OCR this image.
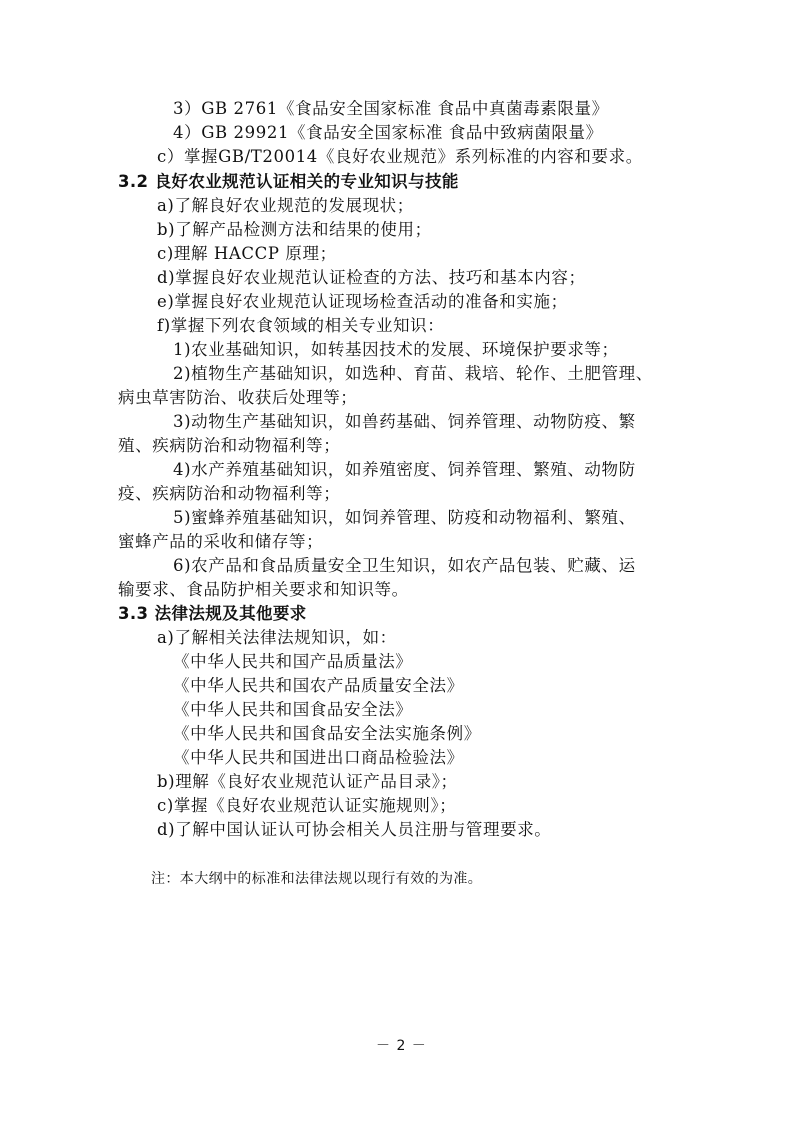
3）GB 2761《食品安全国家标准 食品中真菌毒素限量》
4）GB 29921《食品安全国家标准 食品中致病菌限量》
c）掌握GB/T20014《良好农业规范》系列标准的内容和要求。
3.2 良好农业规范认证相关的专业知识与技能
a)了解良好农业规范的发展现状；
b)了解产品检测方法和结果的使用；
c)理解 HACCP 原理；
d)掌握良好农业规范认证检查的方法、技巧和基本内容；
e)掌握良好农业规范认证现场检查活动的准备和实施；
f)掌握下列农食领域的相关专业知识：
1)农业基础知识，如转基因技术的发展、环境保护要求等；
2)植物生产基础知识，如选种、育苗、栽培、轮作、土肥管理、
病虫草害防治、收获后处理等；
3)动物生产基础知识，如兽药基础、饲养管理、动物防疫、繁
殖、疾病防治和动物福利等；
4)水产养殖基础知识，如养殖密度、饲养管理、繁殖、动物防
疫、疾病防治和动物福利等；
5)蜜蜂养殖基础知识，如饲养管理、防疫和动物福利、繁殖、
蜜蜂产品的采收和储存等；
6)农产品和食品质量安全卫生知识，如农产品包装、贮藏、运
输要求、食品防护相关要求和知识等。
3.3 法律法规及其他要求
a)了解相关法律法规知识，如：
《中华人民共和国产品质量法》
《中华人民共和国农产品质量安全法》
《中华人民共和国食品安全法》
《中华人民共和国食品安全法实施条例》
《中华人民共和国进出口商品检验法》
b)理解《良好农业规范认证产品目录》；
c)掌握《良好农业规范认证实施规则》；
d)了解中国认证认可协会相关人员注册与管理要求。
注：本大纲中的标准和法律法规以现行有效的为准。
－ 2 －
